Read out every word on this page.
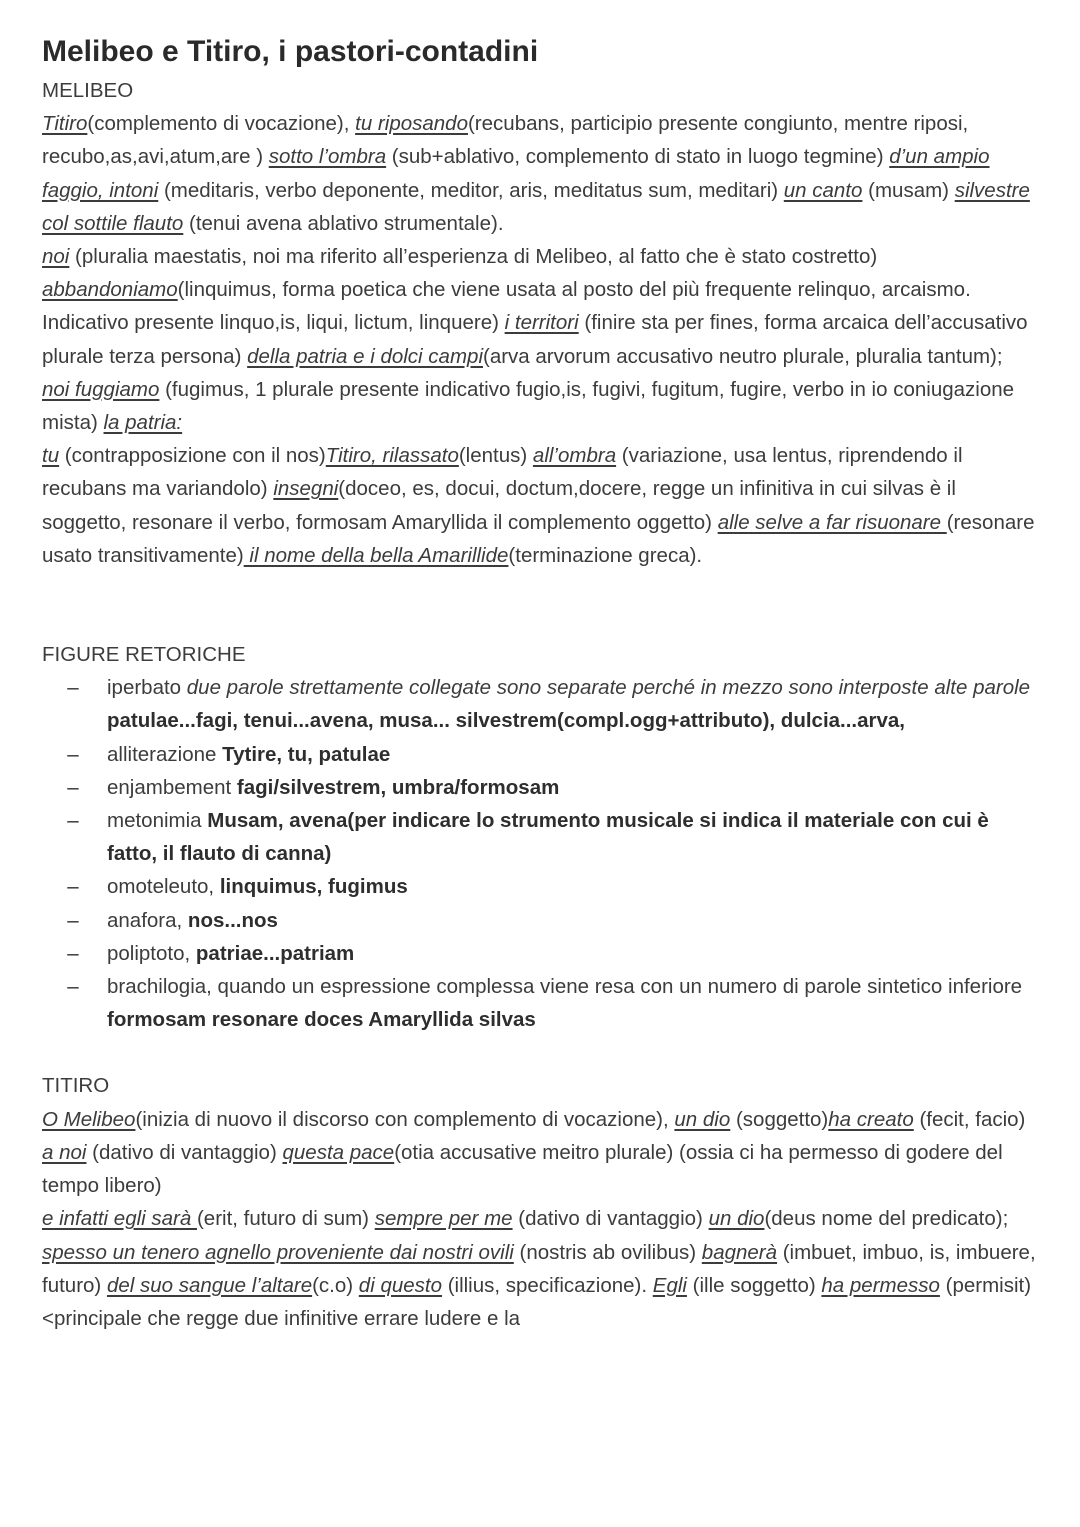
Melibeo e Titiro, i pastori-contadini
MELIBEO

Titiro(complemento di vocazione), tu riposando(recubans, participio presente congiunto, mentre riposi, recubo,as,avi,atum,are ) sotto l’ombra (sub+ablativo, complemento di stato in luogo tegmine) d’un ampio faggio, intoni (meditaris, verbo deponente, meditor, aris, meditatus sum, meditari) un canto (musam) silvestre col sottile flauto (tenui avena ablativo strumentale).

noi (pluralia maestatis, noi ma riferito all’esperienza di Melibeo, al fatto che è stato costretto) abbandoniamo(linquimus, forma poetica che viene usata al posto del più frequente relinquo, arcaismo. Indicativo presente linquo,is, liqui, lictum, linquere) i territori (finire sta per fines, forma arcaica dell’accusativo plurale terza persona) della patria e i dolci campi(arva arvorum accusativo neutro plurale, pluralia tantum);

noi fuggiamo (fugimus, 1 plurale presente indicativo fugio,is, fugivi, fugitum, fugire, verbo in io coniugazione mista) la patria:

tu (contrapposizione con il nos)Titiro, rilassato(lentus) all’ombra (variazione, usa lentus, riprendendo il recubans ma variandolo) insegni(doceo, es, docui, doctum,docere, regge un infinitiva in cui silvas è il soggetto, resonare il verbo, formosam Amaryllida il complemento oggetto) alle selve a far risuonare (resonare usato transitivamente) il nome della bella Amarillide(terminazione greca).

FIGURE RETORICHE
– iperbato due parole strettamente collegate sono separate perché in mezzo sono interposte alte parole patulae...fagi, tenui...avena, musa... silvestrem(compl.ogg+attributo), dulcia...arva,
– alliterazione Tytire, tu, patulae
– enjambement fagi/silvestrem, umbra/formosam
– metonimia Musam, avena(per indicare lo strumento musicale si indica il materiale con cui è fatto, il flauto di canna)
– omoteleuto, linquimus, fugimus
– anafora, nos...nos
– poliptoto, patriae...patriam
– brachilogia, quando un espressione complessa viene resa con un numero di parole sintetico inferiore formosam resonare doces Amaryllida silvas
TITIRO

O Melibeo(inizia di nuovo il discorso con complemento di vocazione), un dio (soggetto)ha creato (fecit, facio) a noi (dativo di vantaggio) questa pace(otia accusative meitro plurale) (ossia ci ha permesso di godere del tempo libero)

e infatti egli sarà (erit, futuro di sum) sempre per me (dativo di vantaggio) un dio(deus nome del predicato); spesso un tenero agnello proveniente dai nostri ovili (nostris ab ovilibus) bagnerà (imbuet, imbuo, is, imbuere, futuro) del suo sangue l’altare(c.o) di questo (illius, specificazione). Egli (ille soggetto) ha permesso (permisit)<principale che regge due infinitive errare ludere e la
